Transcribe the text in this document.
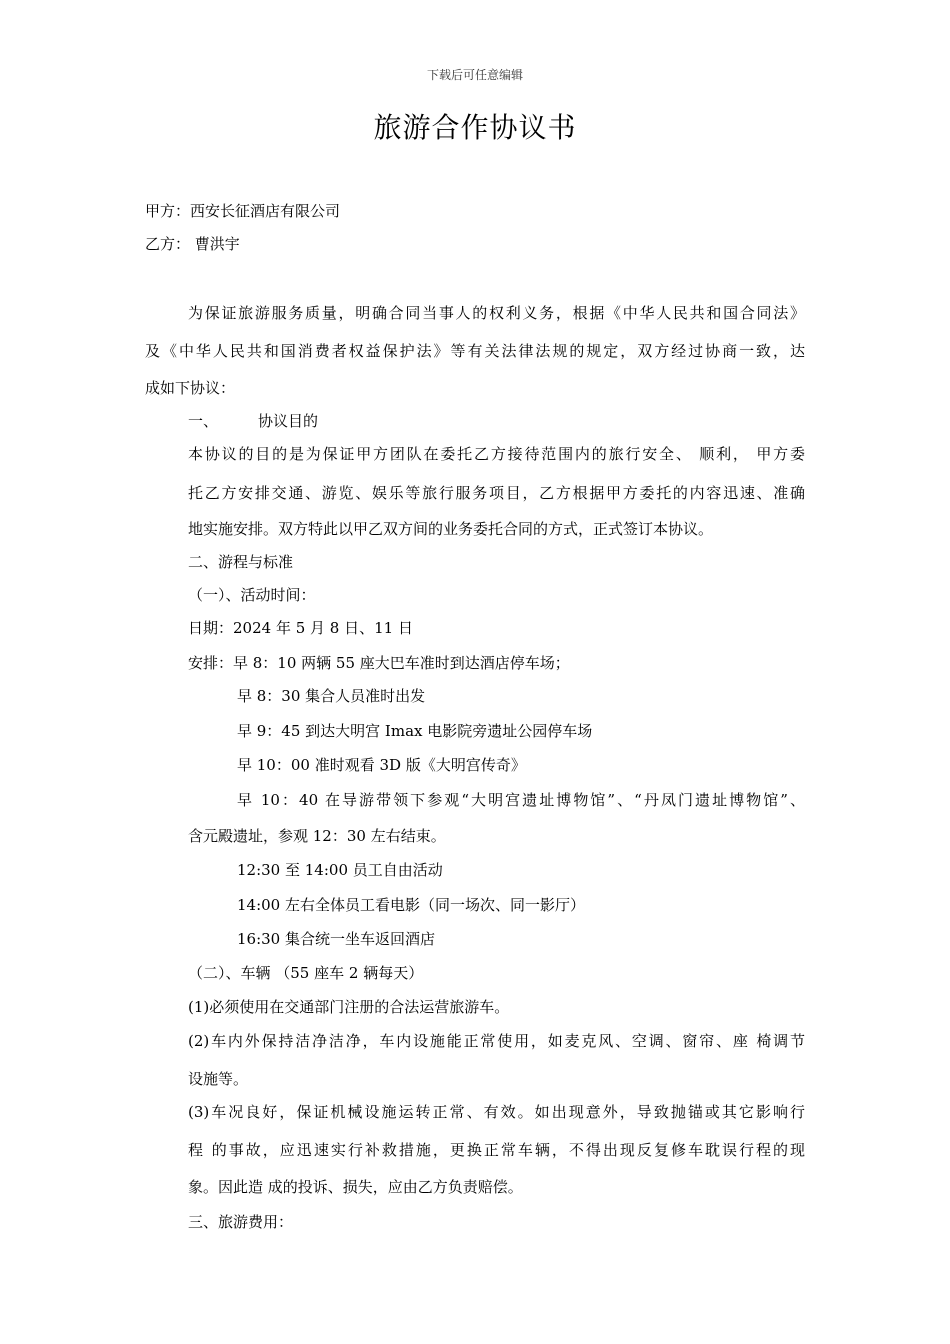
下载后可任意编辑
旅游合作协议书
甲方：西安长征酒店有限公司
乙方： 曹洪宇
为保证旅游服务质量，明确合同当事人的权利义务，根据《中华人民共和国合同法》
及《中华人民共和国消费者权益保护法》等有关法律法规的规定，双方经过协商一致，达
成如下协议：
一、	协议目的
本协议的目的是为保证甲方团队在委托乙方接待范围内的旅行安全、 顺利， 甲方委
托乙方安排交通、游览、娱乐等旅行服务项目，乙方根据甲方委托的内容迅速、准确
地实施安排。双方特此以甲乙双方间的业务委托合同的方式，正式签订本协议。
二、游程与标准
（一）、活动时间：
日期：2024 年 5 月 8 日、11 日
安排：早 8：10 两辆 55 座大巴车准时到达酒店停车场；
早 8：30 集合人员准时出发
早 9：45 到达大明宫 Imax 电影院旁遗址公园停车场
早 10：00 准时观看 3D 版《大明宫传奇》
早 10：40 在导游带领下参观“大明宫遗址博物馆”、“丹凤门遗址博物馆”、
含元殿遗址，参观 12：30 左右结束。
12:30 至 14:00 员工自由活动
14:00 左右全体员工看电影（同一场次、同一影厅）
16:30 集合统一坐车返回酒店
（二）、车辆 （55 座车 2 辆每天）
(1)必须使用在交通部门注册的合法运营旅游车。
(2)车内外保持洁净洁净，车内设施能正常使用，如麦克风、空调、窗帘、座 椅调节
设施等。
(3)车况良好，保证机械设施运转正常、有效。如出现意外，导致抛锚或其它影响行
程 的事故，应迅速实行补救措施，更换正常车辆，不得出现反复修车耽误行程的现
象。因此造 成的投诉、损失，应由乙方负责赔偿。
三、旅游费用：
